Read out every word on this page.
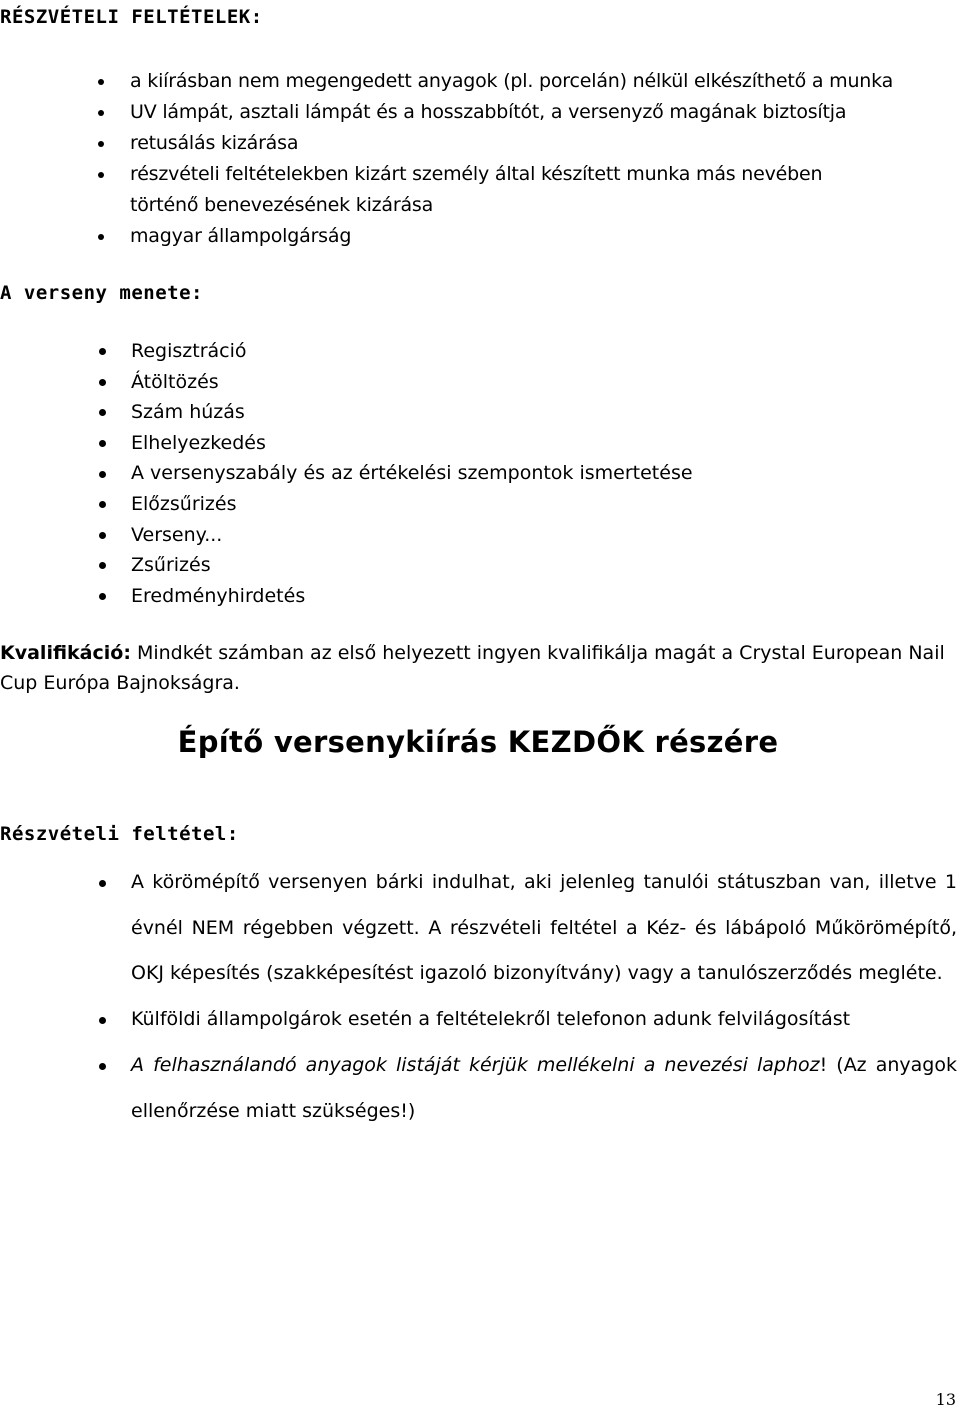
RÉSZVÉTELI FELTÉTELEK:
a kiírásban nem megengedett anyagok (pl. porcelán) nélkül elkészíthető a munka
UV lámpát, asztali lámpát és a hosszabbítót, a versenyző magának biztosítja
retusálás kizárása
részvételi feltételekben kizárt személy által készített munka más nevében
történő benevezésének kizárása
magyar állampolgárság
A verseny menete:
Regisztráció
Átöltözés
Szám húzás
Elhelyezkedés
A versenyszabály és az értékelési szempontok ismertetése
Előzsűrizés
Verseny...
Zsűrizés
Eredményhirdetés

Kvalifikáció: Mindkét számban az első helyezett ingyen kvalifikálja magát a Crystal European Nail Cup Európa Bajnokságra.

Építő versenykiírás KEZDŐK részére
Részvételi feltétel:
A körömépítő versenyen bárki indulhat, aki jelenleg tanulói státuszban van, illetve 1 évnél NEM régebben végzett. A részvételi feltétel a Kéz- és lábápoló Műkörömépítő, OKJ képesítés (szakképesítést igazoló bizonyítvány) vagy a tanulószerződés megléte.
Külföldi állampolgárok esetén a feltételekről telefonon adunk felvilágosítást
A felhasználandó anyagok listáját kérjük mellékelni a nevezési laphoz! (Az anyagok ellenőrzése miatt szükséges!)
13
